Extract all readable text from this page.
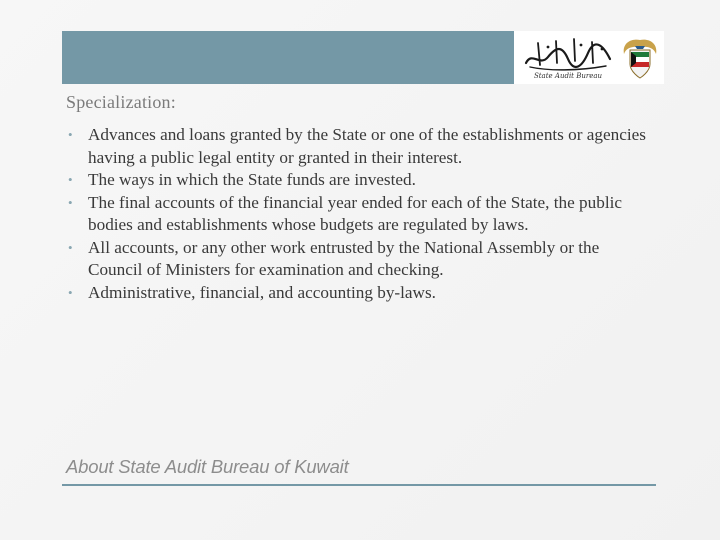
State Audit Bureau
Specialization:
• Advances and loans granted by the State or one of the establishments or agencies having a public legal entity or granted in their interest.
• The ways in which the State funds are invested.
• The final accounts of the financial year ended for each of the State, the public bodies and establishments whose budgets are regulated by laws.
• All accounts, or any other work entrusted by the National Assembly or the Council of Ministers for examination and checking.
• Administrative, financial, and accounting by-laws.
About State Audit Bureau of Kuwait
